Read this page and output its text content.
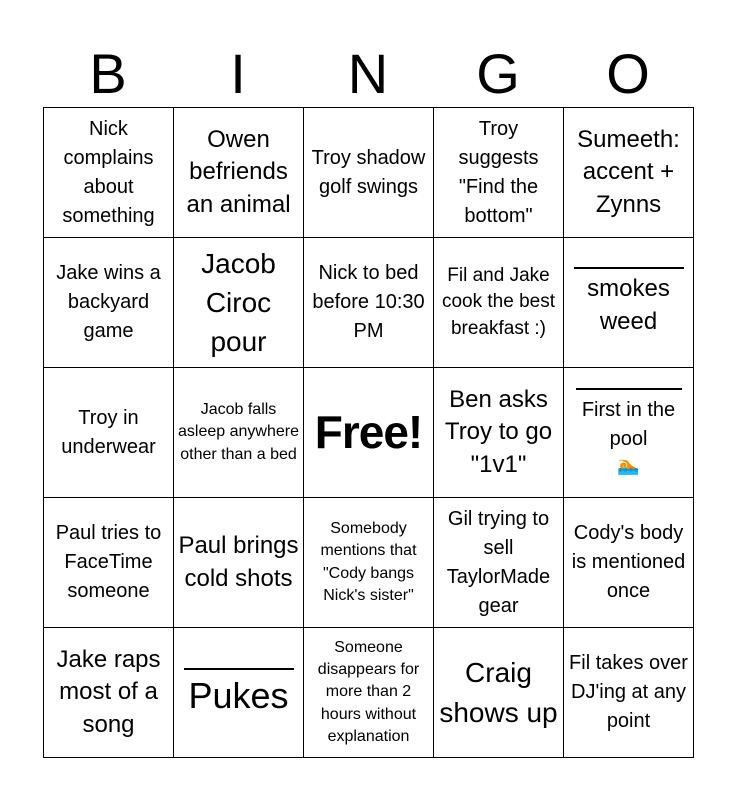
B	I	N	G	O
Nick complains about something	Owen befriends an animal	Troy shadow golf swings	Troy suggests "Find the bottom"	Sumeeth: accent + Zynns

Jake wins a backyard game	Jacob Ciroc pour	Nick to bed before 10:30 PM	Fil and Jake cook the best breakfast :)	smokes weed

Troy in underwear	Jacob falls asleep anywhere other than a bed	Free!	Ben asks Troy to go "1v1"	First in the pool
🏊

Paul tries to FaceTime someone	Paul brings cold shots	Somebody mentions that "Cody bangs Nick's sister"	Gil trying to sell TaylorMade gear	Cody's body is mentioned once

Jake raps most of a song	Pukes	Someone disappears for more than 2 hours without explanation	Craig shows up	Fil takes over DJ'ing at any point
